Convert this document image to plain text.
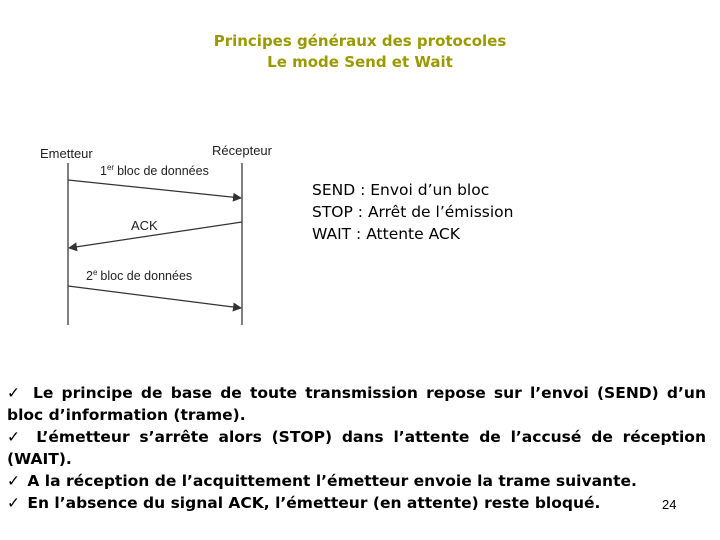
Principes généraux des protocoles
Le mode Send et Wait
Emetteur	Récepteur
1er bloc de données
ACK
2e bloc de données
SEND : Envoi d’un bloc
STOP : Arrêt de l’émission
WAIT : Attente ACK
✓ Le principe de base de toute transmission repose sur l’envoi (SEND) d’un
bloc d’information (trame).
✓ L’émetteur s’arrête alors (STOP) dans l’attente de l’accusé de réception
(WAIT).
✓ A la réception de l’acquittement l’émetteur envoie la trame suivante.
✓ En l’absence du signal ACK, l’émetteur (en attente) reste bloqué.	24
